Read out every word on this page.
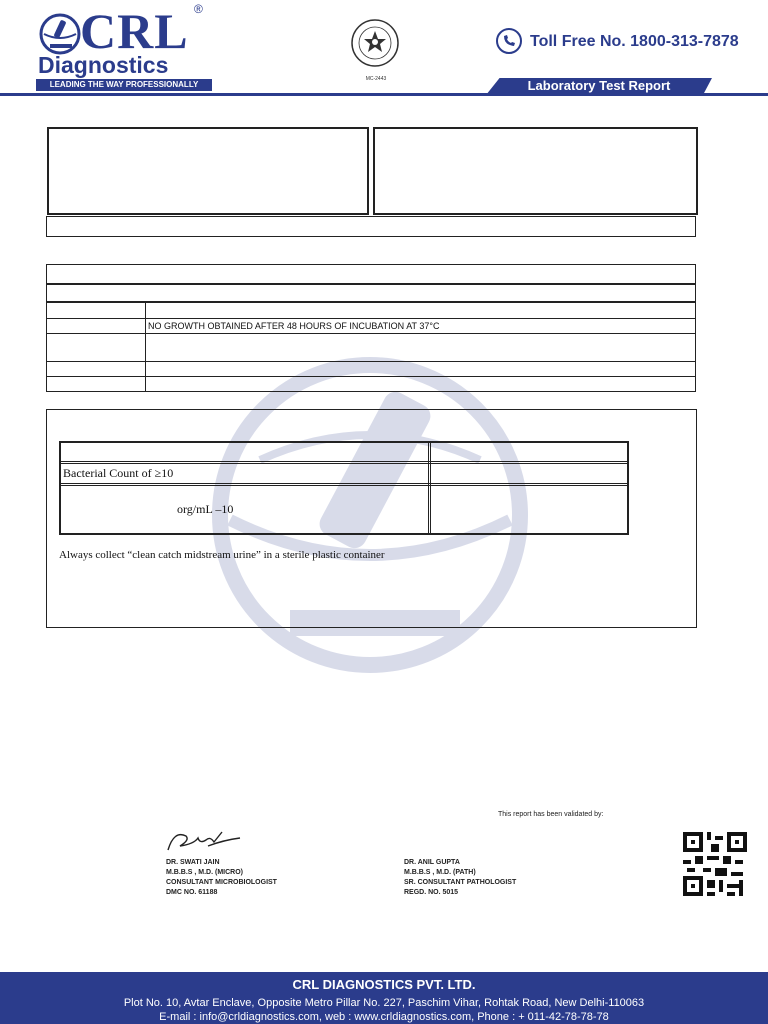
CRL ®
Diagnostics
LEADING THE WAY PROFESSIONALLY
MC-2443
Toll Free No. 1800-313-7878
Laboratory Test Report
NO GROWTH OBTAINED AFTER 48 HOURS OF INCUBATION AT 37°C
Bacterial Count of ≥10
org/mL –10
Always collect “clean catch midstream urine” in a sterile plastic container
This report has been validated by:
DR. SWATI JAIN
M.B.B.S , M.D. (MICRO)
CONSULTANT MICROBIOLOGIST
DMC NO. 61188
DR. ANIL GUPTA
M.B.B.S , M.D. (PATH)
SR. CONSULTANT PATHOLOGIST
REGD. NO. 5015
CRL DIAGNOSTICS PVT. LTD.
Plot No. 10, Avtar Enclave, Opposite Metro Pillar No. 227, Paschim Vihar, Rohtak Road, New Delhi-110063
E-mail : info@crldiagnostics.com, web : www.crldiagnostics.com, Phone : + 011-42-78-78-78
